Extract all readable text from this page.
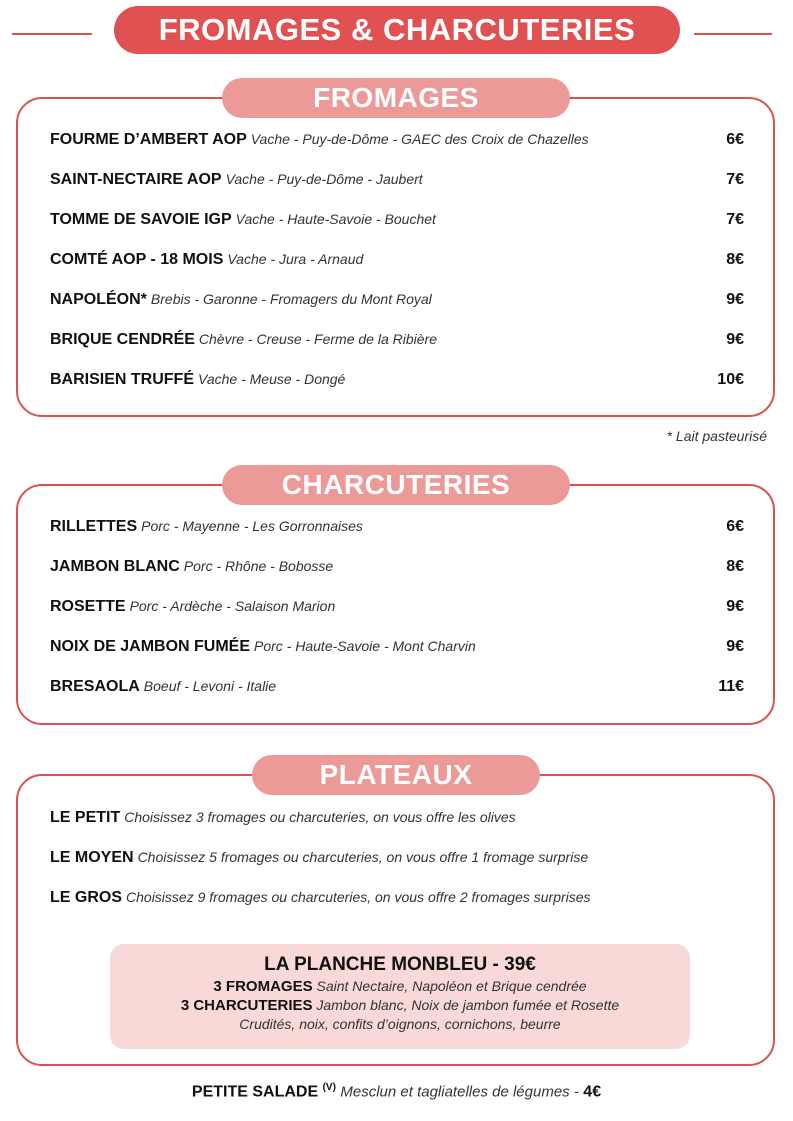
FROMAGES & CHARCUTERIES
FROMAGES
FOURME D’AMBERT AOP Vache - Puy-de-Dôme - GAEC des Croix de Chazelles	6€
SAINT-NECTAIRE AOP Vache - Puy-de-Dôme - Jaubert	7€
TOMME DE SAVOIE IGP Vache - Haute-Savoie - Bouchet	7€
COMTÉ AOP - 18 MOIS Vache - Jura - Arnaud	8€
NAPOLÉON* Brebis - Garonne - Fromagers du Mont Royal	9€
BRIQUE CENDRÉE Chèvre - Creuse - Ferme de la Ribière	9€
BARISIEN TRUFFÉ Vache - Meuse - Dongé	10€
* Lait pasteurisé
CHARCUTERIES
RILLETTES Porc - Mayenne - Les Gorronnaises	6€
JAMBON BLANC Porc - Rhône - Bobosse	8€
ROSETTE Porc - Ardèche - Salaison Marion	9€
NOIX DE JAMBON FUMÉE Porc - Haute-Savoie - Mont Charvin	9€
BRESAOLA Boeuf - Levoni - Italie	11€
PLATEAUX
LE PETIT Choisissez 3 fromages ou charcuteries, on vous offre les olives
LE MOYEN Choisissez 5 fromages ou charcuteries, on vous offre 1 fromage surprise
LE GROS Choisissez 9 fromages ou charcuteries, on vous offre 2 fromages surprises
LA PLANCHE MONBLEU - 39€
3 FROMAGES Saint Nectaire, Napoléon et Brique cendrée
3 CHARCUTERIES Jambon blanc, Noix de jambon fumée et Rosette
Crudités, noix, confits d’oignons, cornichons, beurre
PETITE SALADE $^{(V)}$ Mesclun et tagliatelles de légumes - 4€
